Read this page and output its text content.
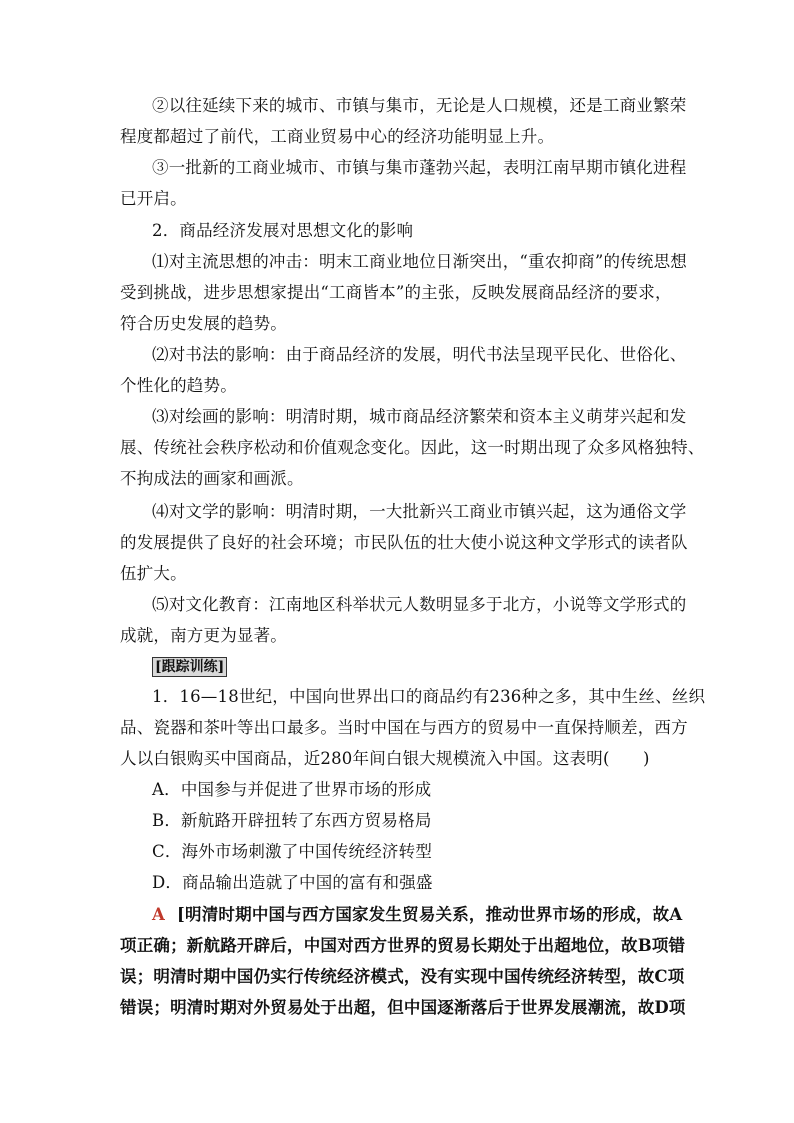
②以往延续下来的城市、市镇与集市，无论是人口规模，还是工商业繁荣
程度都超过了前代，工商业贸易中心的经济功能明显上升。
③一批新的工商业城市、市镇与集市蓬勃兴起，表明江南早期市镇化进程
已开启。
2．商品经济发展对思想文化的影响
⑴对主流思想的冲击：明末工商业地位日渐突出，“重农抑商”的传统思想
受到挑战，进步思想家提出“工商皆本”的主张，反映发展商品经济的要求，
符合历史发展的趋势。
⑵对书法的影响：由于商品经济的发展，明代书法呈现平民化、世俗化、
个性化的趋势。
⑶对绘画的影响：明清时期，城市商品经济繁荣和资本主义萌芽兴起和发
展、传统社会秩序松动和价值观念变化。因此，这一时期出现了众多风格独特、
不拘成法的画家和画派。
⑷对文学的影响：明清时期，一大批新兴工商业市镇兴起，这为通俗文学
的发展提供了良好的社会环境；市民队伍的壮大使小说这种文学形式的读者队
伍扩大。
⑸对文化教育：江南地区科举状元人数明显多于北方，小说等文学形式的
成就，南方更为显著。
[跟踪训练]
1．16—18世纪，中国向世界出口的商品约有236种之多，其中生丝、丝织
品、瓷器和茶叶等出口最多。当时中国在与西方的贸易中一直保持顺差，西方
人以白银购买中国商品，近280年间白银大规模流入中国。这表明(　　)
A．中国参与并促进了世界市场的形成
B．新航路开辟扭转了东西方贸易格局
C．海外市场刺激了中国传统经济转型
D．商品输出造就了中国的富有和强盛
A [明清时期中国与西方国家发生贸易关系，推动世界市场的形成，故A
项正确；新航路开辟后，中国对西方世界的贸易长期处于出超地位，故B项错
误；明清时期中国仍实行传统经济模式，没有实现中国传统经济转型，故C项
错误；明清时期对外贸易处于出超，但中国逐渐落后于世界发展潮流，故D项
